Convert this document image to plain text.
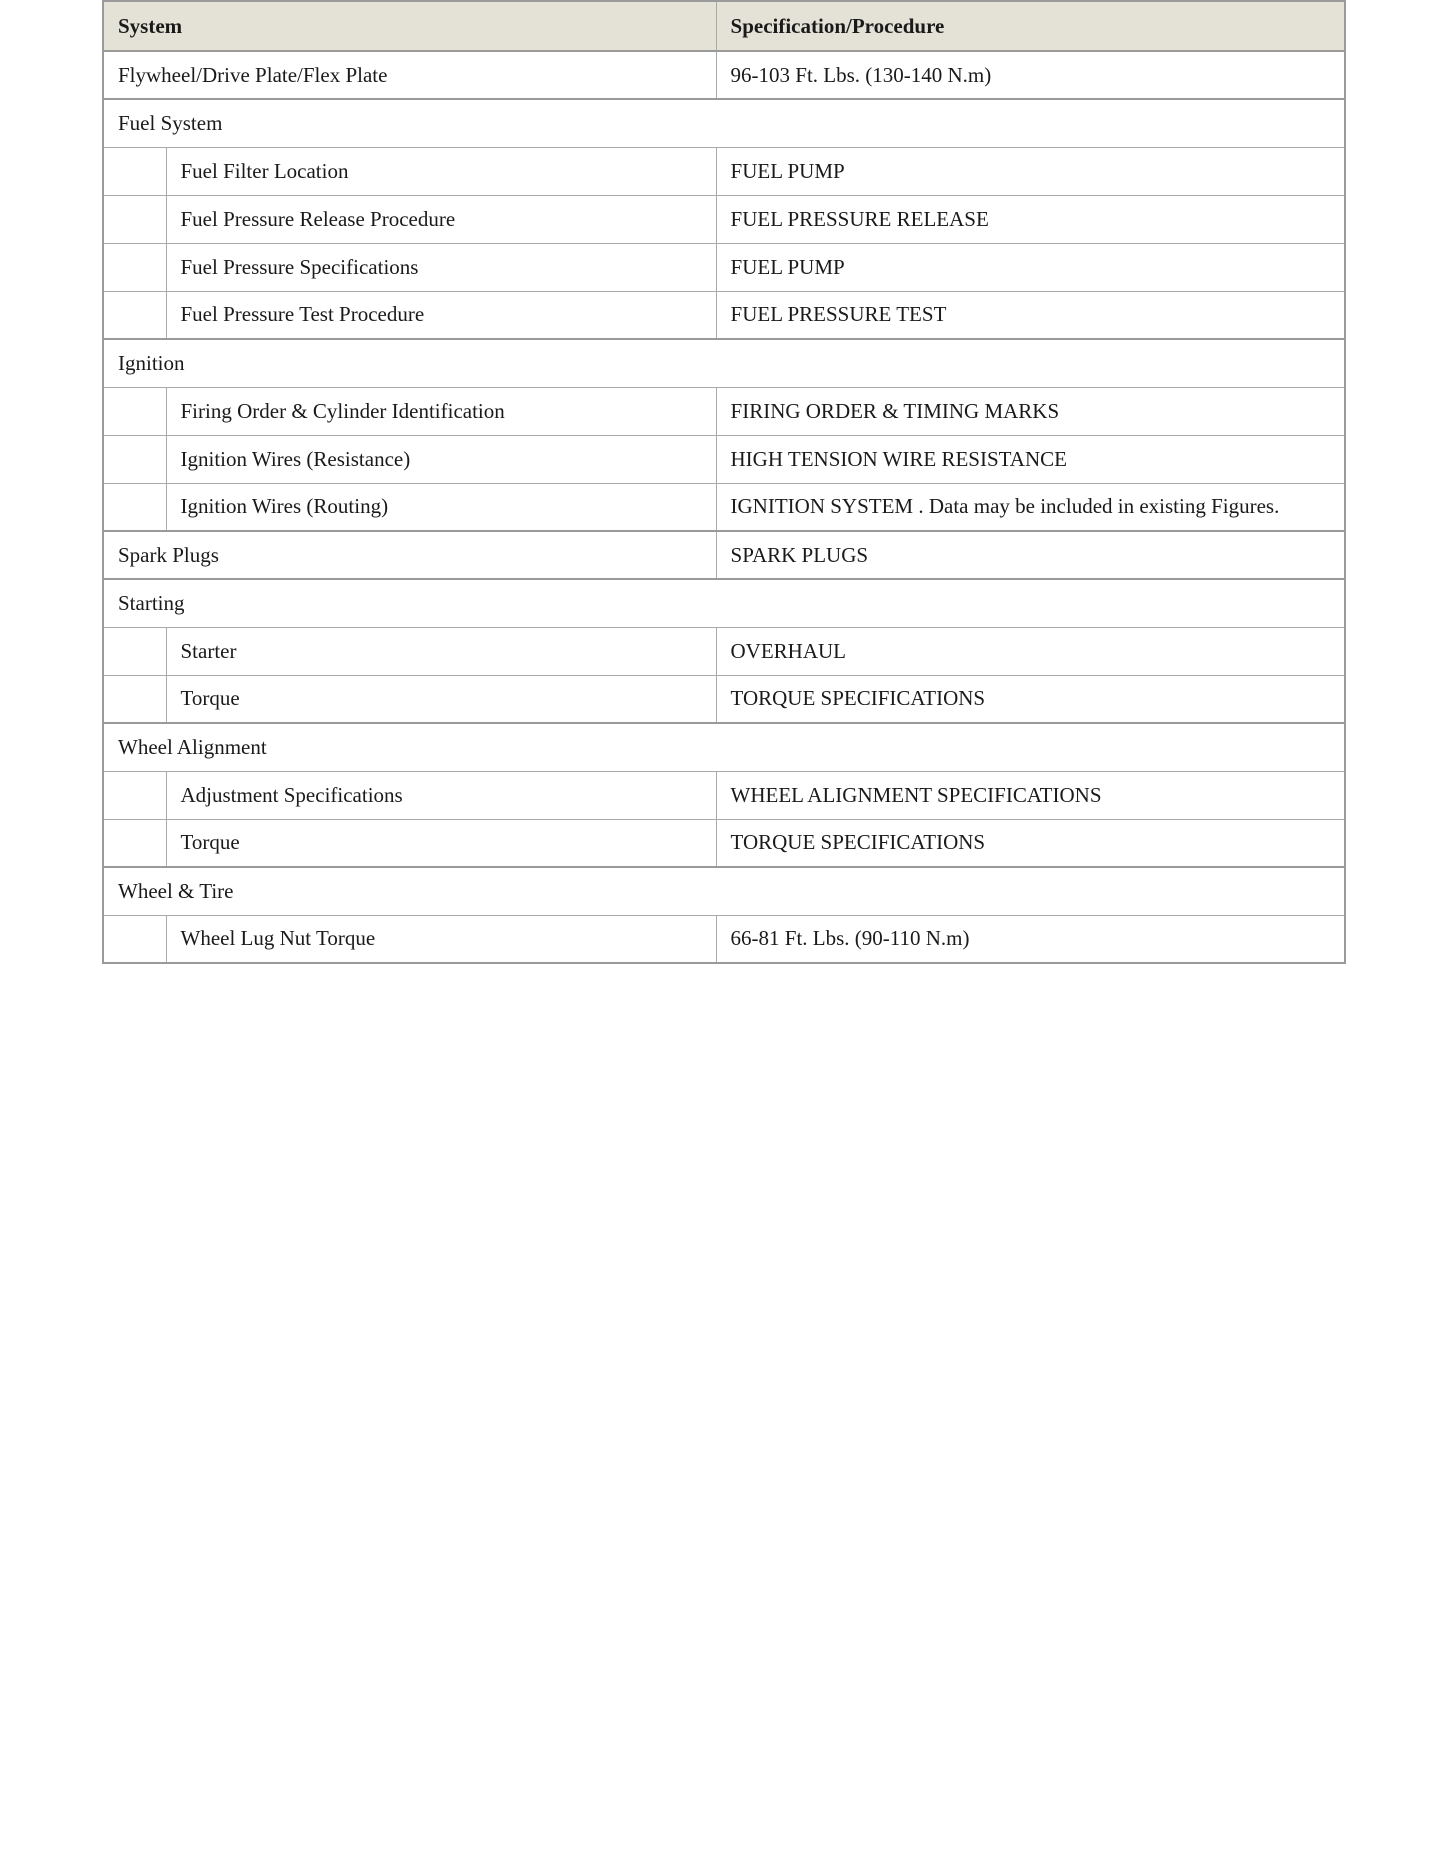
System		Specification/Procedure
Flywheel/Drive Plate/Flex Plate		96-103 Ft. Lbs. (130-140 N.m)
Fuel System		
	Fuel Filter Location	FUEL PUMP
	Fuel Pressure Release Procedure	FUEL PRESSURE RELEASE
	Fuel Pressure Specifications	FUEL PUMP
	Fuel Pressure Test Procedure	FUEL PRESSURE TEST
Ignition		
	Firing Order & Cylinder Identification	FIRING ORDER & TIMING MARKS
	Ignition Wires (Resistance)	HIGH TENSION WIRE RESISTANCE
	Ignition Wires (Routing)	IGNITION SYSTEM . Data may be included in existing Figures.
Spark Plugs		SPARK PLUGS
Starting		
	Starter	OVERHAUL
	Torque	TORQUE SPECIFICATIONS
Wheel Alignment		
	Adjustment Specifications	WHEEL ALIGNMENT SPECIFICATIONS
	Torque	TORQUE SPECIFICATIONS
Wheel & Tire		
	Wheel Lug Nut Torque	66-81 Ft. Lbs. (90-110 N.m)
